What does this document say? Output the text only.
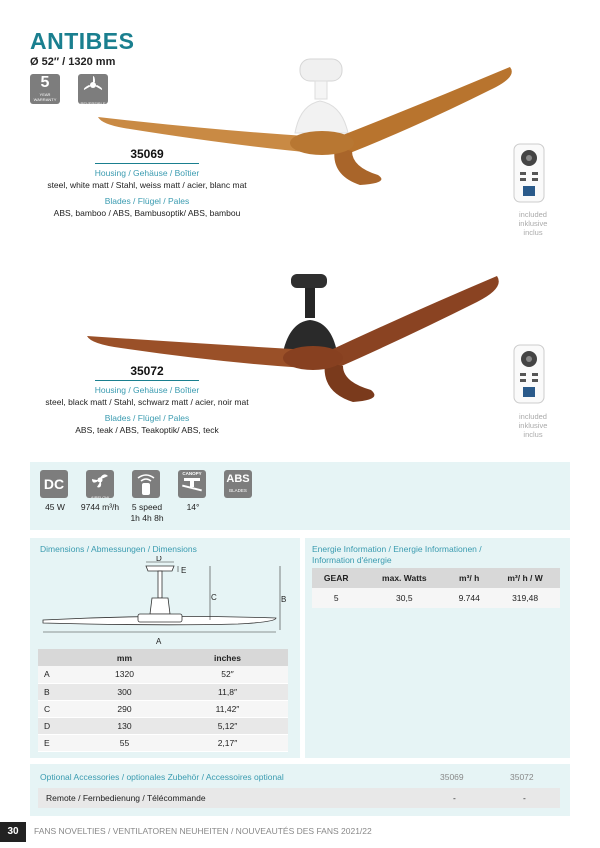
ANTIBES
Ø 52″ / 1320 mm
5
YEAR WARRANTY
REVERSIBLE
included
inklusive
inclus
35069
Housing / Gehäuse / Boîtier
steel, white matt / Stahl, weiss matt / acier, blanc mat
Blades / Flügel / Pales
ABS, bamboo / ABS, Bambusoptik/ ABS, bambou
included
inklusive
inclus
35072
Housing / Gehäuse / Boîtier
steel, black matt / Stahl, schwarz matt / acier, noir mat
Blades / Flügel / Pales
ABS, teak / ABS, Teakoptik/ ABS, teck

DC
45 W
AIRFLOW
9744 m³/h	5 speed
1h 4h 8h
CANOPY
14°
ABS
BLADES
Dimensions / Abmessungen / Dimensions
D
E
C	B
A
	mm	inches
A	1320	52″
B	300	11,8″
C	290	11,42″
D	130	5,12″
E	55	2,17″
Energie Information / Energie Informationen /
Information d'énergie
GEAR	max. Watts	m³/ h	m³/ h / W
5	30,5	9.744	319,48
Optional Accessories / optionales Zubehör / Accessoires optional	35069	35072
Remote / Fernbedienung / Télécommande	-	-
30	FANS NOVELTIES / VENTILATOREN NEUHEITEN / NOUVEAUTÉS DES FANS 2021/22
